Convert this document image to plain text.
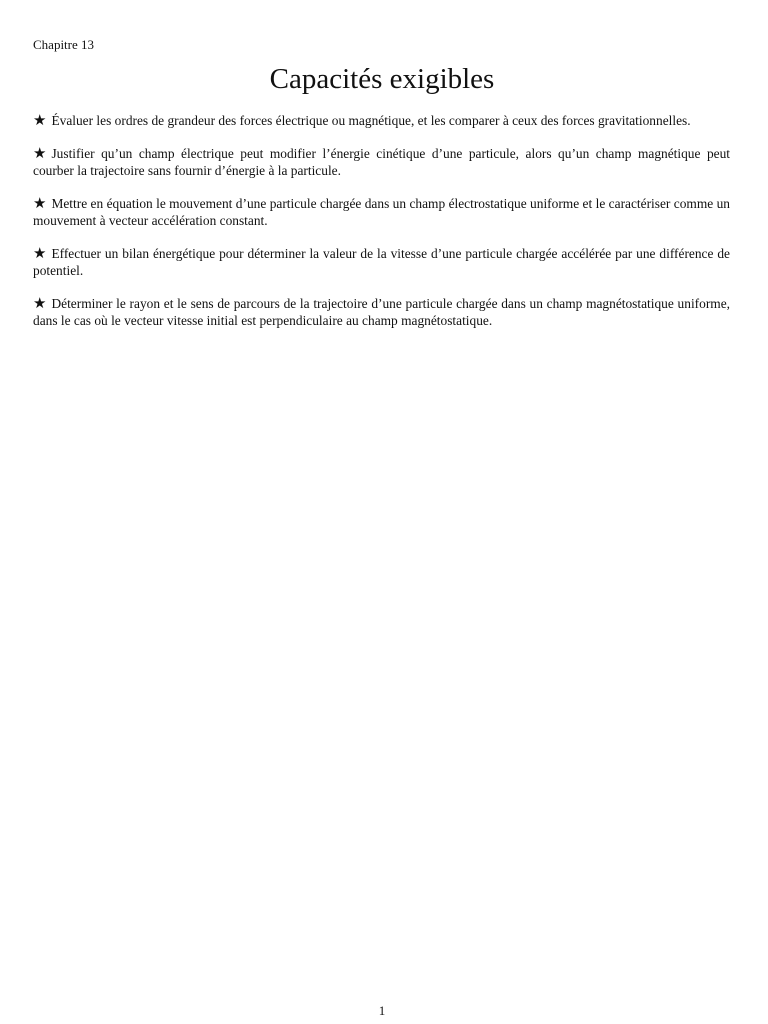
Chapitre 13
Capacités exigibles
★ Évaluer les ordres de grandeur des forces électrique ou magnétique, et les comparer à ceux des forces gravitationnelles.
★ Justifier qu’un champ électrique peut modifier l’énergie cinétique d’une particule, alors qu’un champ magnétique peut courber la trajectoire sans fournir d’énergie à la particule.
★ Mettre en équation le mouvement d’une particule chargée dans un champ électrostatique uniforme et le caractériser comme un mouvement à vecteur accélération constant.
★ Effectuer un bilan énergétique pour déterminer la valeur de la vitesse d’une particule chargée accélérée par une différence de potentiel.
★ Déterminer le rayon et le sens de parcours de la trajectoire d’une particule chargée dans un champ magnétostatique uniforme, dans le cas où le vecteur vitesse initial est perpendiculaire au champ magnétostatique.
1
